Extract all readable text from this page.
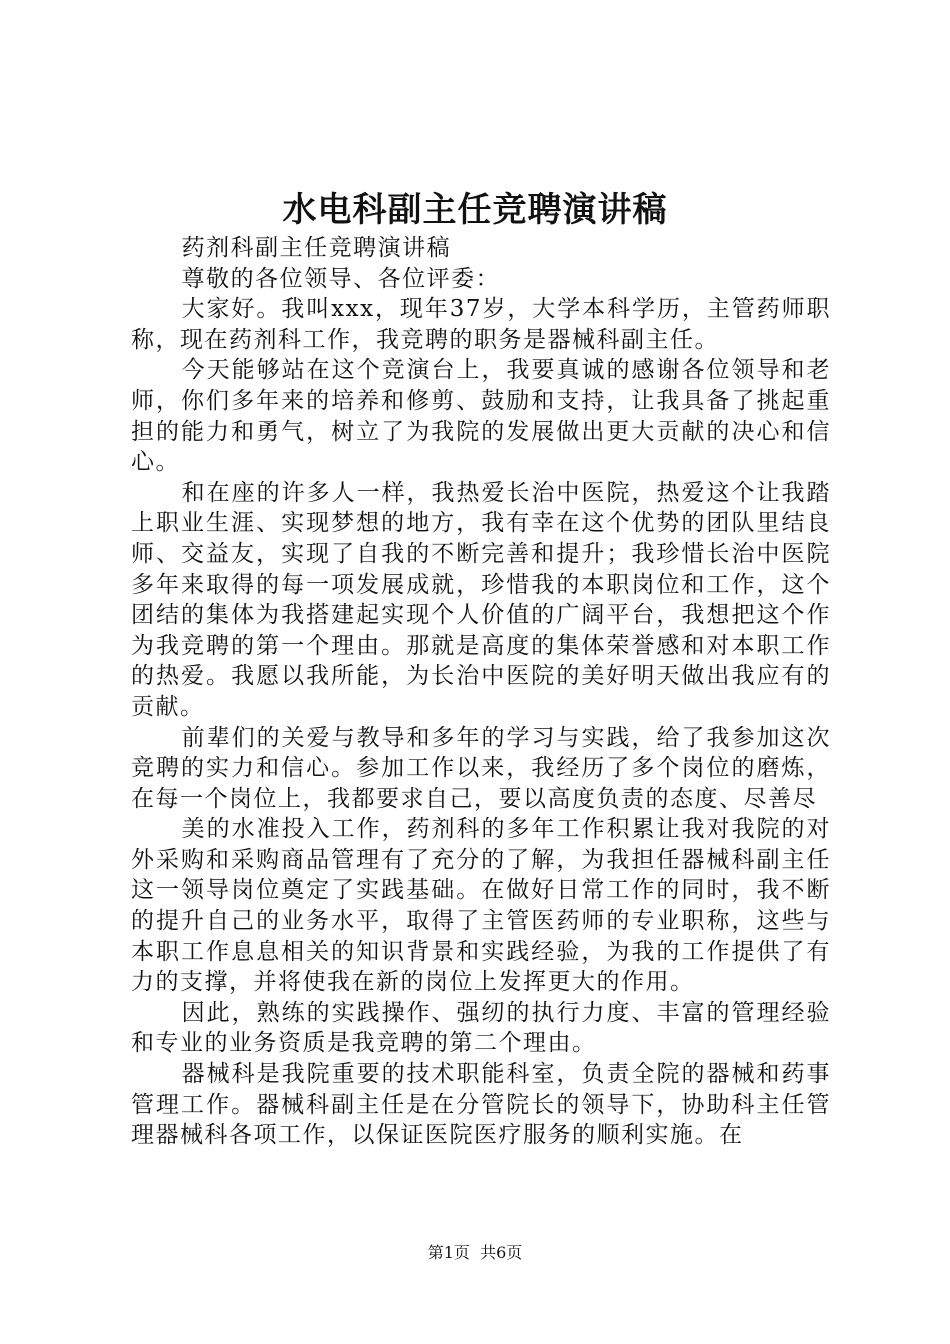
水电科副主任竞聘演讲稿

药剂科副主任竞聘演讲稿

尊敬的各位领导、各位评委：

大家好。我叫xxx，现年37岁，大学本科学历，主管药师职称，现在药剂科工作，我竞聘的职务是器械科副主任。

今天能够站在这个竞演台上，我要真诚的感谢各位领导和老师，你们多年来的培养和修剪、鼓励和支持，让我具备了挑起重担的能力和勇气，树立了为我院的发展做出更大贡献的决心和信心。

和在座的许多人一样，我热爱长治中医院，热爱这个让我踏上职业生涯、实现梦想的地方，我有幸在这个优势的团队里结良师、交益友，实现了自我的不断完善和提升；我珍惜长治中医院多年来取得的每一项发展成就，珍惜我的本职岗位和工作，这个团结的集体为我搭建起实现个人价值的广阔平台，我想把这个作为我竞聘的第一个理由。那就是高度的集体荣誉感和对本职工作的热爱。我愿以我所能，为长治中医院的美好明天做出我应有的贡献。

前辈们的关爱与教导和多年的学习与实践，给了我参加这次竞聘的实力和信心。参加工作以来，我经历了多个岗位的磨炼，在每一个岗位上，我都要求自己，要以高度负责的态度、尽善尽

美的水准投入工作，药剂科的多年工作积累让我对我院的对外采购和采购商品管理有了充分的了解，为我担任器械科副主任这一领导岗位奠定了实践基础。在做好日常工作的同时，我不断的提升自己的业务水平，取得了主管医药师的专业职称，这些与本职工作息息相关的知识背景和实践经验，为我的工作提供了有力的支撑，并将使我在新的岗位上发挥更大的作用。

因此，熟练的实践操作、强纫的执行力度、丰富的管理经验和专业的业务资质是我竞聘的第二个理由。

器械科是我院重要的技术职能科室，负责全院的器械和药事管理工作。器械科副主任是在分管院长的领导下，协助科主任管理器械科各项工作，以保证医院医疗服务的顺利实施。在

第1页 共6页
